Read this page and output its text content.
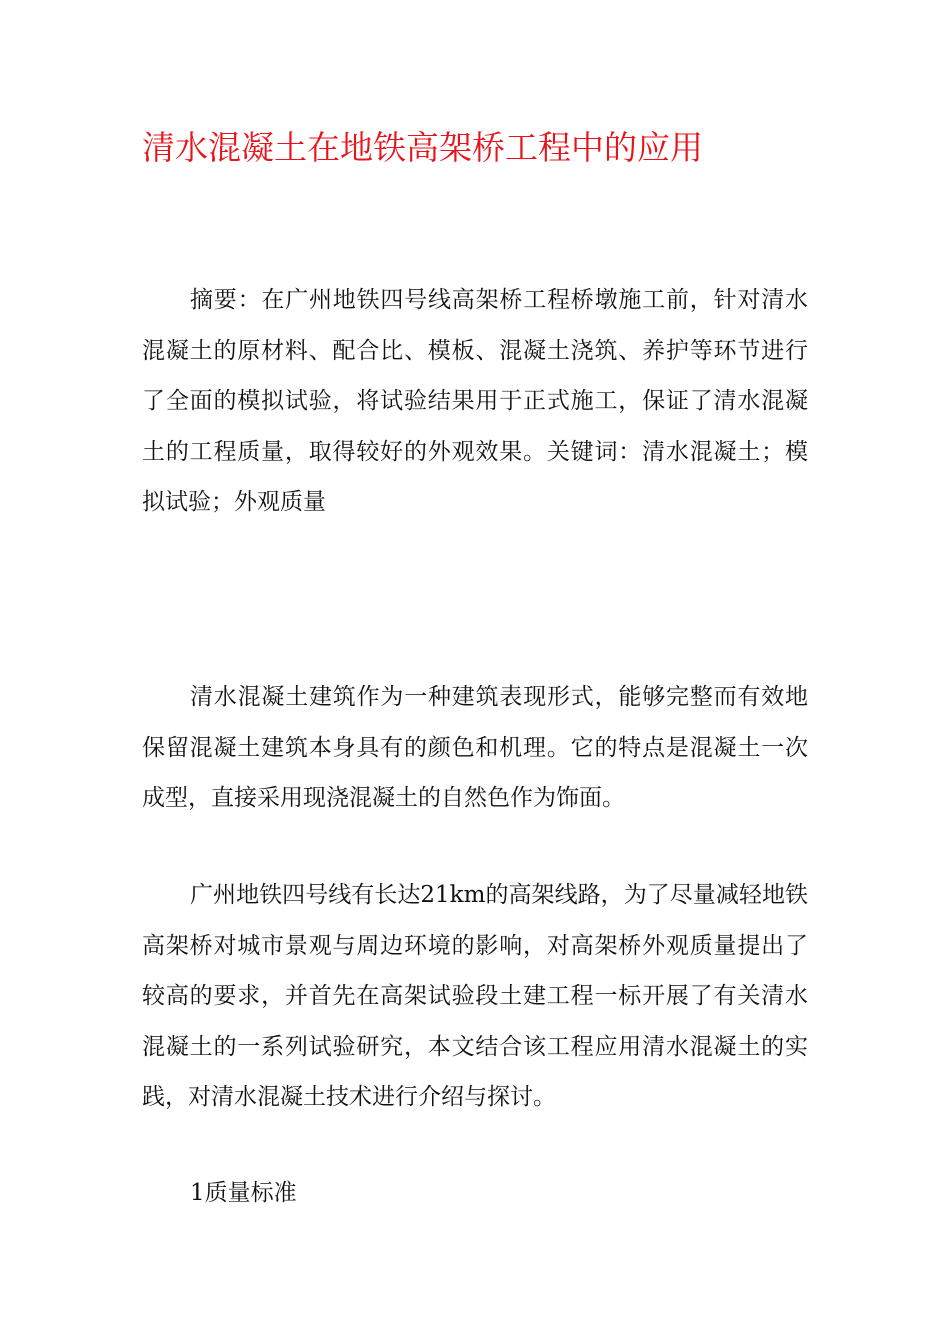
清水混凝土在地铁高架桥工程中的应用

摘要：在广州地铁四号线高架桥工程桥墩施工前，针对清水混凝土的原材料、配合比、模板、混凝土浇筑、养护等环节进行了全面的模拟试验，将试验结果用于正式施工，保证了清水混凝土的工程质量，取得较好的外观效果。关键词：清水混凝土；模拟试验；外观质量

清水混凝土建筑作为一种建筑表现形式，能够完整而有效地保留混凝土建筑本身具有的颜色和机理。它的特点是混凝土一次成型，直接采用现浇混凝土的自然色作为饰面。

广州地铁四号线有长达21km的高架线路，为了尽量减轻地铁高架桥对城市景观与周边环境的影响，对高架桥外观质量提出了较高的要求，并首先在高架试验段土建工程一标开展了有关清水混凝土的一系列试验研究，本文结合该工程应用清水混凝土的实践，对清水混凝土技术进行介绍与探讨。

1质量标准
